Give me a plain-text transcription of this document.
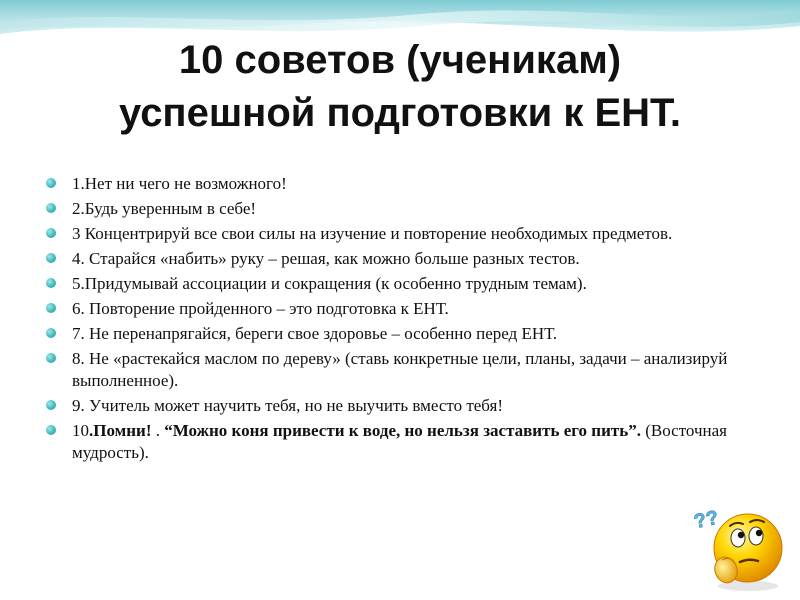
10 советов (ученикам)
успешной подготовки к ЕНТ.
1.Нет ни чего не возможного!
2.Будь уверенным в себе!
3 Концентрируй все свои силы на изучение и повторение необходимых предметов.
4. Старайся «набить» руку – решая, как можно больше разных тестов.
5.Придумывай ассоциации и сокращения (к особенно трудным темам).
6. Повторение пройденного – это подготовка к ЕНТ.
7. Не перенапрягайся, береги свое здоровье – особенно перед ЕНТ.
8. Не «растекайся маслом по дереву» (ставь конкретные цели, планы, задачи – анализируй выполненное).
9. Учитель может научить тебя, но не выучить вместо тебя!
10.Помни! . “Можно коня привести к воде, но нельзя заставить его пить”. (Восточная мудрость).
??
